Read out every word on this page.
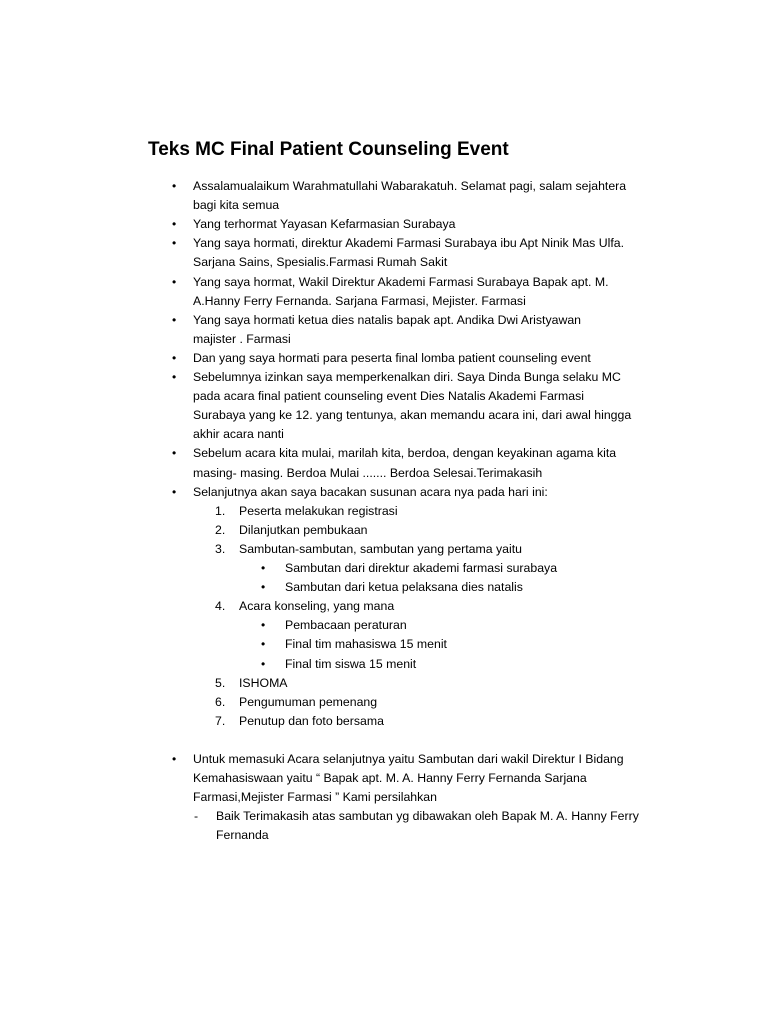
Teks MC Final Patient Counseling Event
• Assalamualaikum Warahmatullahi Wabarakatuh. Selamat pagi, salam sejahtera
bagi kita semua
• Yang terhormat Yayasan Kefarmasian Surabaya
• Yang saya hormati, direktur Akademi Farmasi Surabaya ibu Apt Ninik Mas Ulfa.
Sarjana Sains, Spesialis.Farmasi Rumah Sakit
• Yang saya hormat, Wakil Direktur Akademi Farmasi Surabaya Bapak apt. M.
A.Hanny Ferry Fernanda. Sarjana Farmasi, Mejister. Farmasi
• Yang saya hormati ketua dies natalis bapak apt. Andika Dwi Aristyawan
majister . Farmasi
• Dan yang saya hormati para peserta final lomba patient counseling event
• Sebelumnya izinkan saya memperkenalkan diri. Saya Dinda Bunga selaku MC
pada acara final patient counseling event Dies Natalis Akademi Farmasi
Surabaya yang ke 12. yang tentunya, akan memandu acara ini, dari awal hingga
akhir acara nanti
• Sebelum acara kita mulai, marilah kita, berdoa, dengan keyakinan agama kita
masing- masing. Berdoa Mulai ....... Berdoa Selesai.Terimakasih
• Selanjutnya akan saya bacakan susunan acara nya pada hari ini:
1. Peserta melakukan registrasi
2. Dilanjutkan pembukaan
3. Sambutan-sambutan, sambutan yang pertama yaitu
• Sambutan dari direktur akademi farmasi surabaya
• Sambutan dari ketua pelaksana dies natalis
4. Acara konseling, yang mana
• Pembacaan peraturan
• Final tim mahasiswa 15 menit
• Final tim siswa 15 menit
5. ISHOMA
6. Pengumuman pemenang
7. Penutup dan foto bersama
• Untuk memasuki Acara selanjutnya yaitu Sambutan dari wakil Direktur I Bidang
Kemahasiswaan yaitu “ Bapak apt. M. A. Hanny Ferry Fernanda Sarjana
Farmasi,Mejister Farmasi ” Kami persilahkan
- Baik Terimakasih atas sambutan yg dibawakan oleh Bapak M. A. Hanny Ferry
Fernanda
